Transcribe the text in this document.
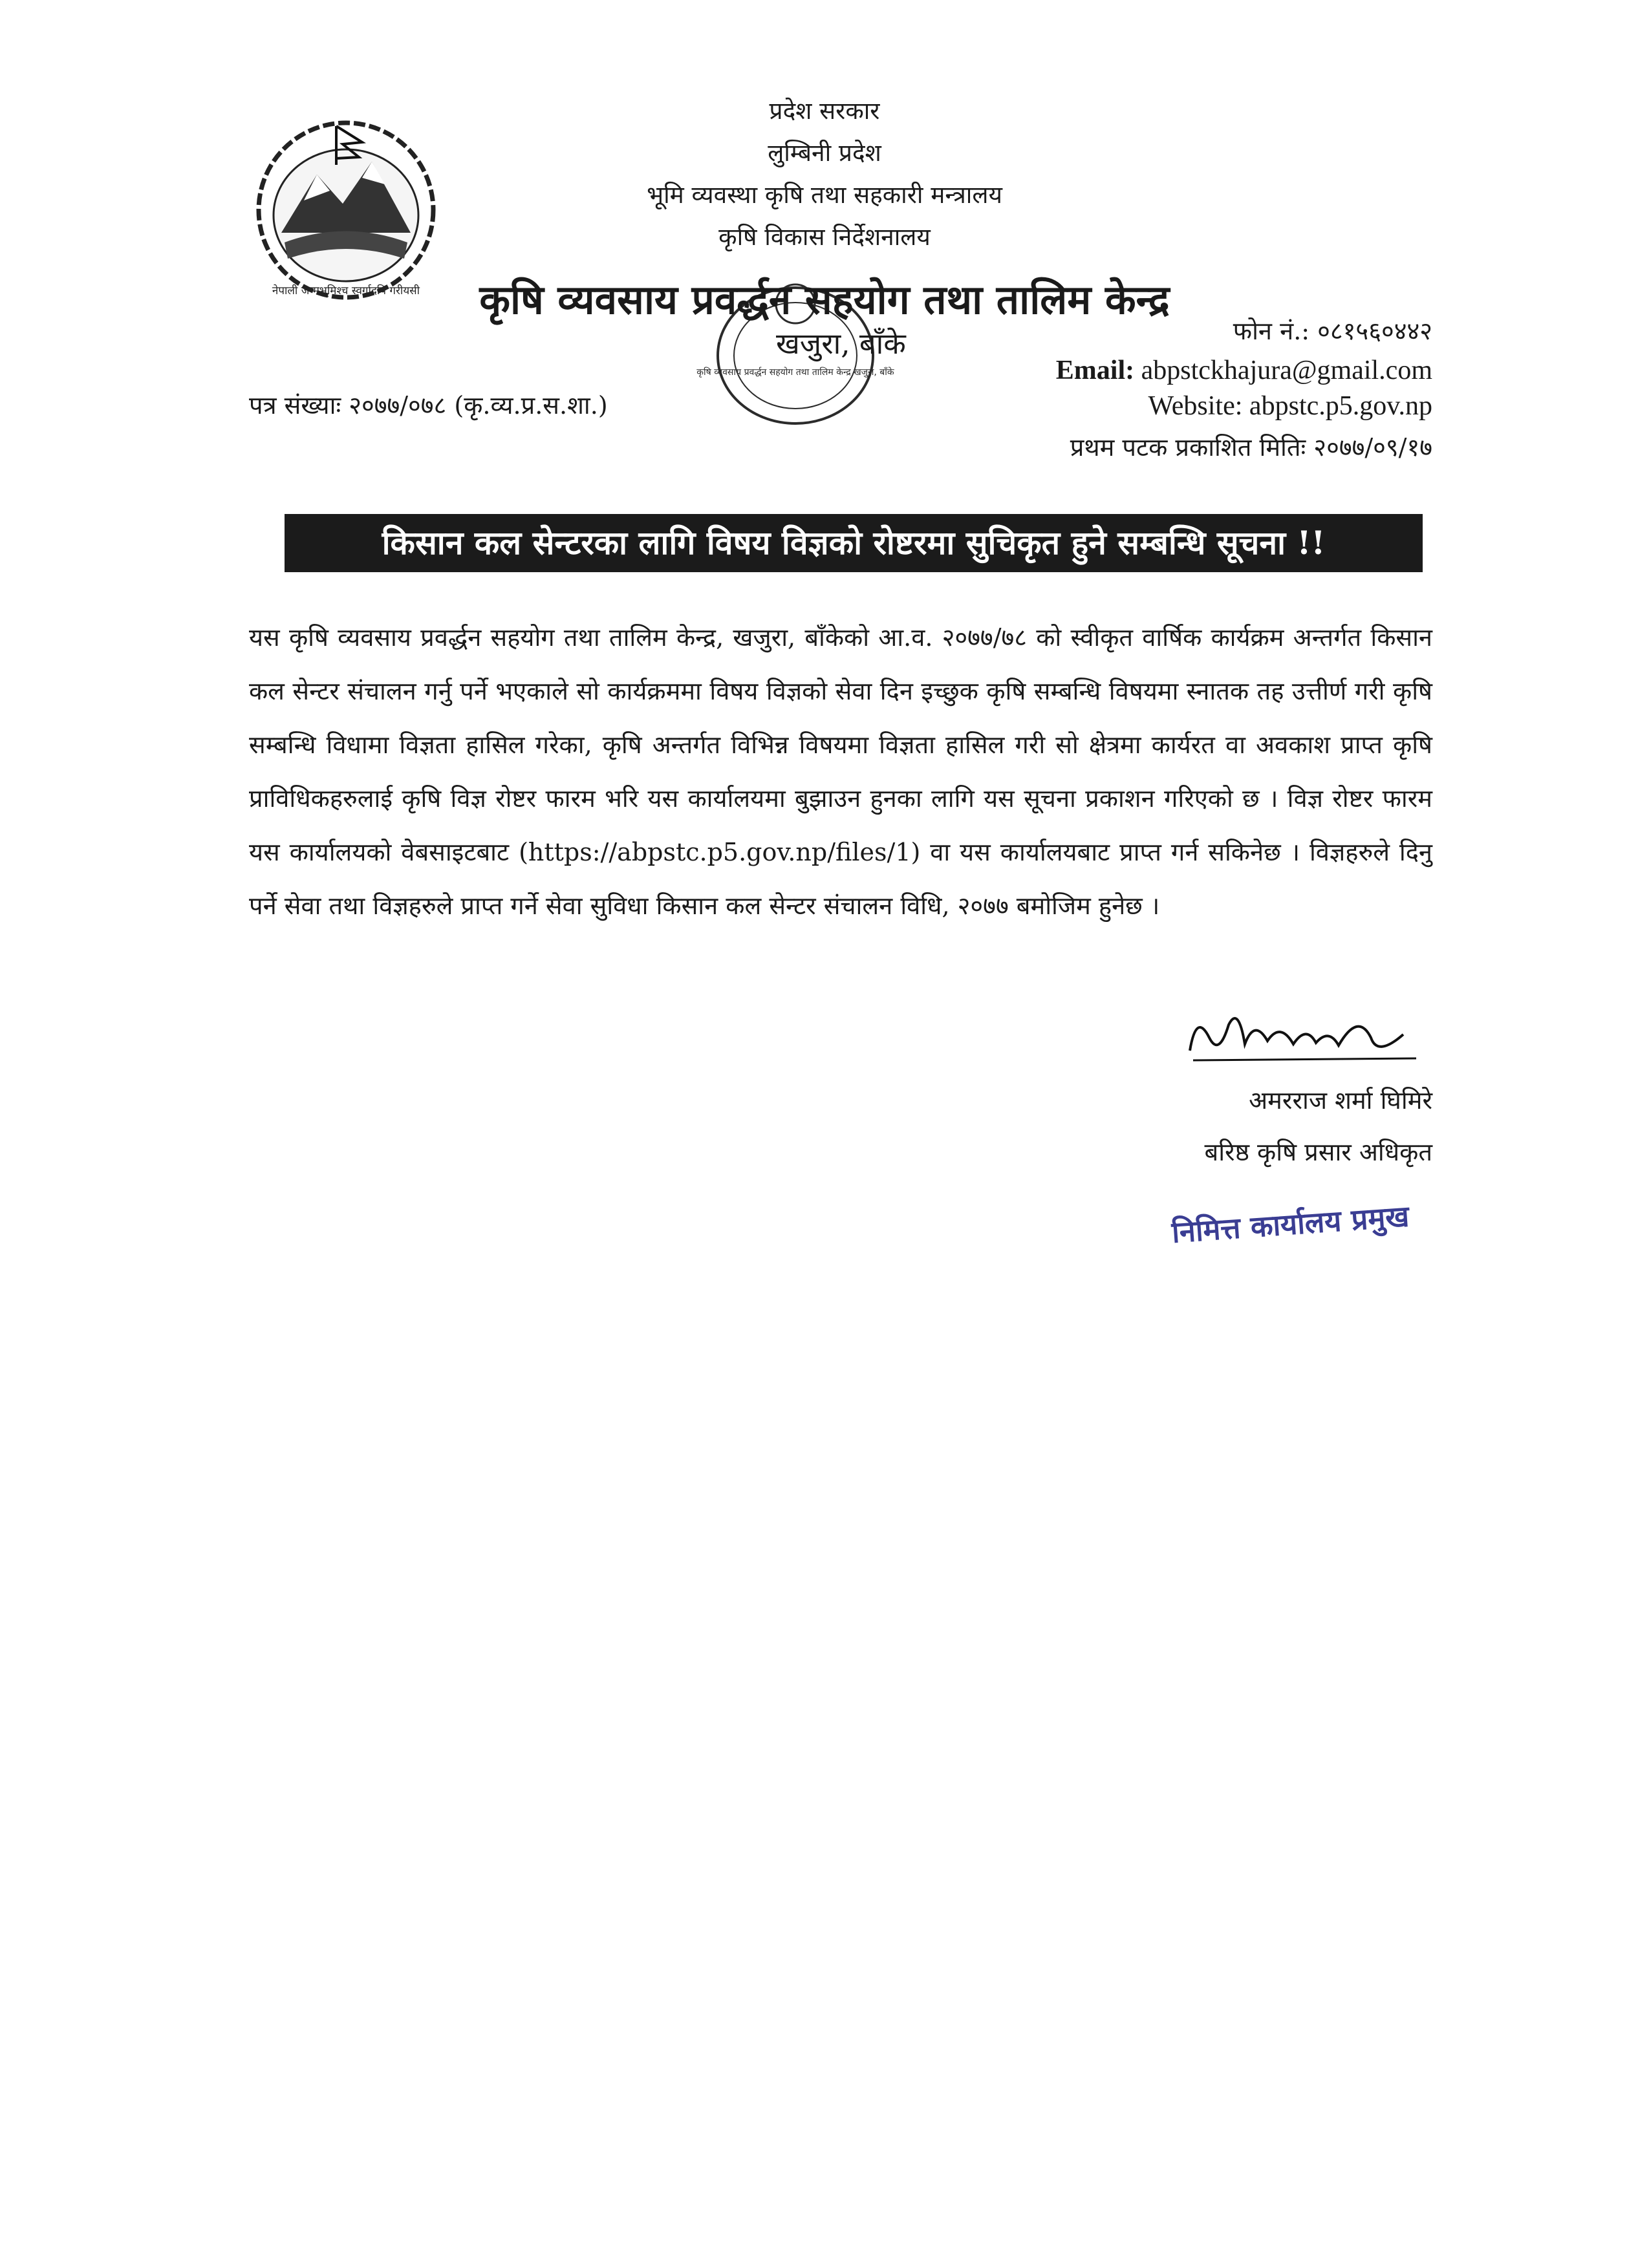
नेपाली जन्मभूमिश्च स्वर्गादपि गरीयसी
प्रदेश सरकार
लुम्बिनी प्रदेश
भूमि व्यवस्था कृषि तथा सहकारी मन्त्रालय
कृषि विकास निर्देशनालय
कृषि व्यवसाय प्रवर्द्धन सहयोग तथा तालिम केन्द्र खजुरा, बाँके
कृषि व्यवसाय प्रवर्द्धन सहयोग तथा तालिम केन्द्र
खजुरा, बाँके	फोन नं.: ०८१५६०४४२
Email: abpstckhajura@gmail.com
Website: abpstc.p5.gov.np
प्रथम पटक प्रकाशित मितिः २०७७/०९/१७
पत्र संख्याः २०७७/०७८ (कृ.व्य.प्र.स.शा.)
किसान कल सेन्टरका लागि विषय विज्ञको रोष्टरमा सुचिकृत हुने सम्बन्धि सूचना !!
यस कृषि व्यवसाय प्रवर्द्धन सहयोग तथा तालिम केन्द्र, खजुरा, बाँकेको आ.व. २०७७/७८ को स्वीकृत वार्षिक कार्यक्रम अन्तर्गत किसान कल सेन्टर संचालन गर्नु पर्ने भएकाले सो कार्यक्रममा विषय विज्ञको सेवा दिन इच्छुक कृषि सम्बन्धि विषयमा स्नातक तह उत्तीर्ण गरी कृषि सम्बन्धि विधामा विज्ञता हासिल गरेका, कृषि अन्तर्गत विभिन्न विषयमा विज्ञता हासिल गरी सो क्षेत्रमा कार्यरत वा अवकाश प्राप्त कृषि प्राविधिकहरुलाई कृषि विज्ञ रोष्टर फारम भरि यस कार्यालयमा बुझाउन हुनका लागि यस सूचना प्रकाशन गरिएको छ । विज्ञ रोष्टर फारम यस कार्यालयको वेबसाइटबाट (https://abpstc.p5.gov.np/files/1) वा यस कार्यालयबाट प्राप्त गर्न सकिनेछ । विज्ञहरुले दिनु पर्ने सेवा तथा विज्ञहरुले प्राप्त गर्ने सेवा सुविधा किसान कल सेन्टर संचालन विधि, २०७७ बमोजिम हुनेछ ।
अमरराज शर्मा घिमिरे
बरिष्ठ कृषि प्रसार अधिकृत
निमित्त कार्यालय प्रमुख
